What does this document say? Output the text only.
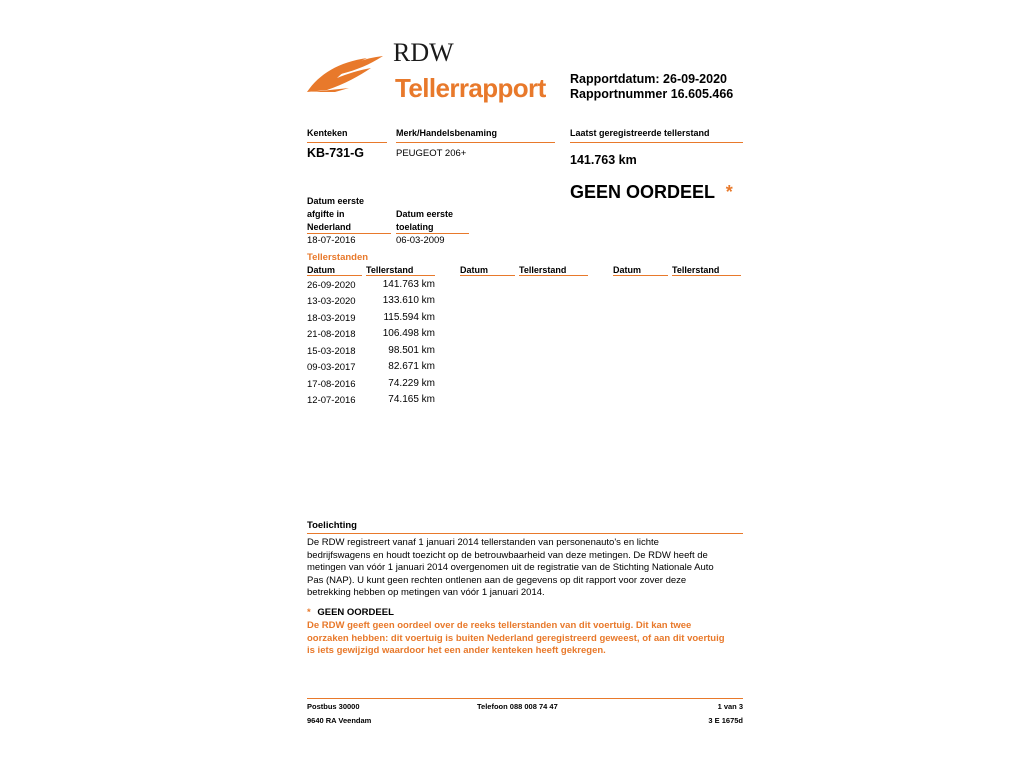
RDW
Tellerrapport Rapportdatum: 26-09-2020
Rapportnummer 16.605.466
Kenteken
KB-731-G
Merk/Handelsbenaming
PEUGEOT 206+
Laatst geregistreerde tellerstand
141.763 km
GEEN OORDEEL *
Datum eerste
afgifte in
Nederland
18-07-2016
Datum eerste
toelating
06-03-2009
Tellerstanden
Datum	Tellerstand	Datum	Tellerstand	Datum	Tellerstand
26-09-2020	141.763 km
13-03-2020	133.610 km
18-03-2019	115.594 km
21-08-2018	106.498 km
15-03-2018	98.501 km
09-03-2017	82.671 km
17-08-2016	74.229 km
12-07-2016	74.165 km
Toelichting
De RDW registreert vanaf 1 januari 2014 tellerstanden van personenauto's en lichte
bedrijfswagens en houdt toezicht op de betrouwbaarheid van deze metingen. De RDW heeft de
metingen van vóór 1 januari 2014 overgenomen uit de registratie van de Stichting Nationale Auto
Pas (NAP). U kunt geen rechten ontlenen aan de gegevens op dit rapport voor zover deze
betrekking hebben op metingen van vóór 1 januari 2014.
* GEEN OORDEEL
De RDW geeft geen oordeel over de reeks tellerstanden van dit voertuig. Dit kan twee
oorzaken hebben: dit voertuig is buiten Nederland geregistreerd geweest, of aan dit voertuig
is iets gewijzigd waardoor het een ander kenteken heeft gekregen.
Postbus 30000
9640 RA Veendam
Telefoon 088 008 74 47	1 van 3
3 E 1675d
